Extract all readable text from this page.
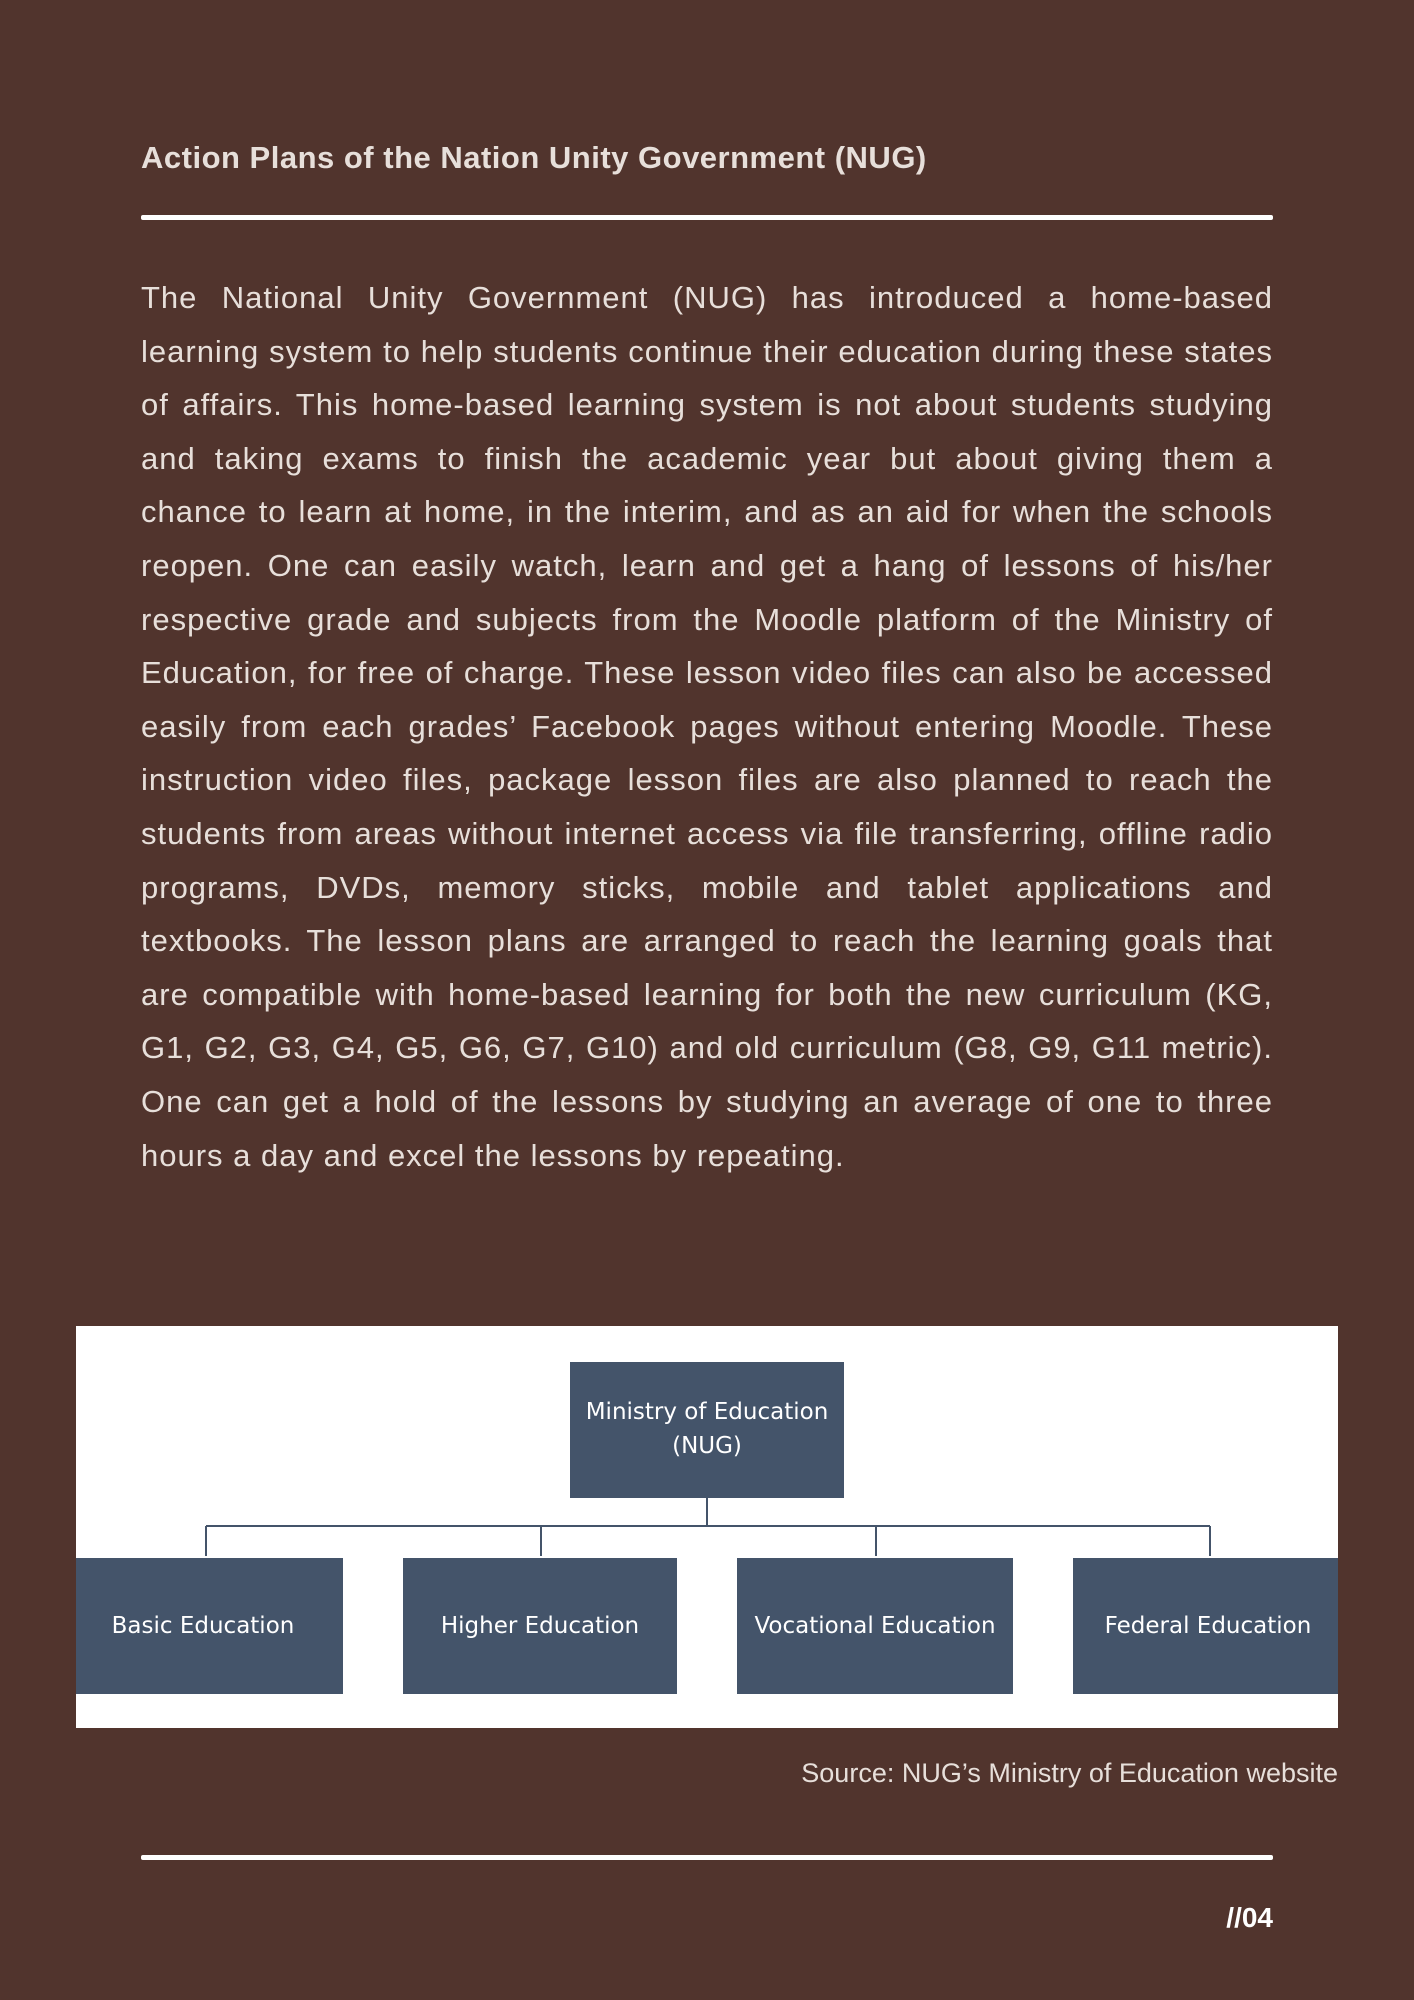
Action Plans of the Nation Unity Government (NUG)

The National Unity Government (NUG) has introduced a home-based learning system to help students continue their education during these states of affairs. This home-based learning system is not about students studying and taking exams to finish the academic year but about giving them a chance to learn at home, in the interim, and as an aid for when the schools reopen. One can easily watch, learn and get a hang of lessons of his/her respective grade and subjects from the Moodle platform of the Ministry of Education, for free of charge. These lesson video files can also be accessed easily from each grades’ Facebook pages without entering Moodle. These instruction video files, package lesson files are also planned to reach the students from areas without internet access via file transferring, offline radio programs, DVDs, memory sticks, mobile and tablet applications and textbooks. The lesson plans are arranged to reach the learning goals that are compatible with home-based learning for both the new curriculum (KG, G1, G2, G3, G4, G5, G6, G7, G10) and old curriculum (G8, G9, G11 metric). One can get a hold of the lessons by studying an average of one to three hours a day and excel the lessons by repeating.

Ministry of Education
(NUG)
Basic Education	Higher Education	Vocational Education	Federal Education

Source: NUG’s Ministry of Education website

//04
